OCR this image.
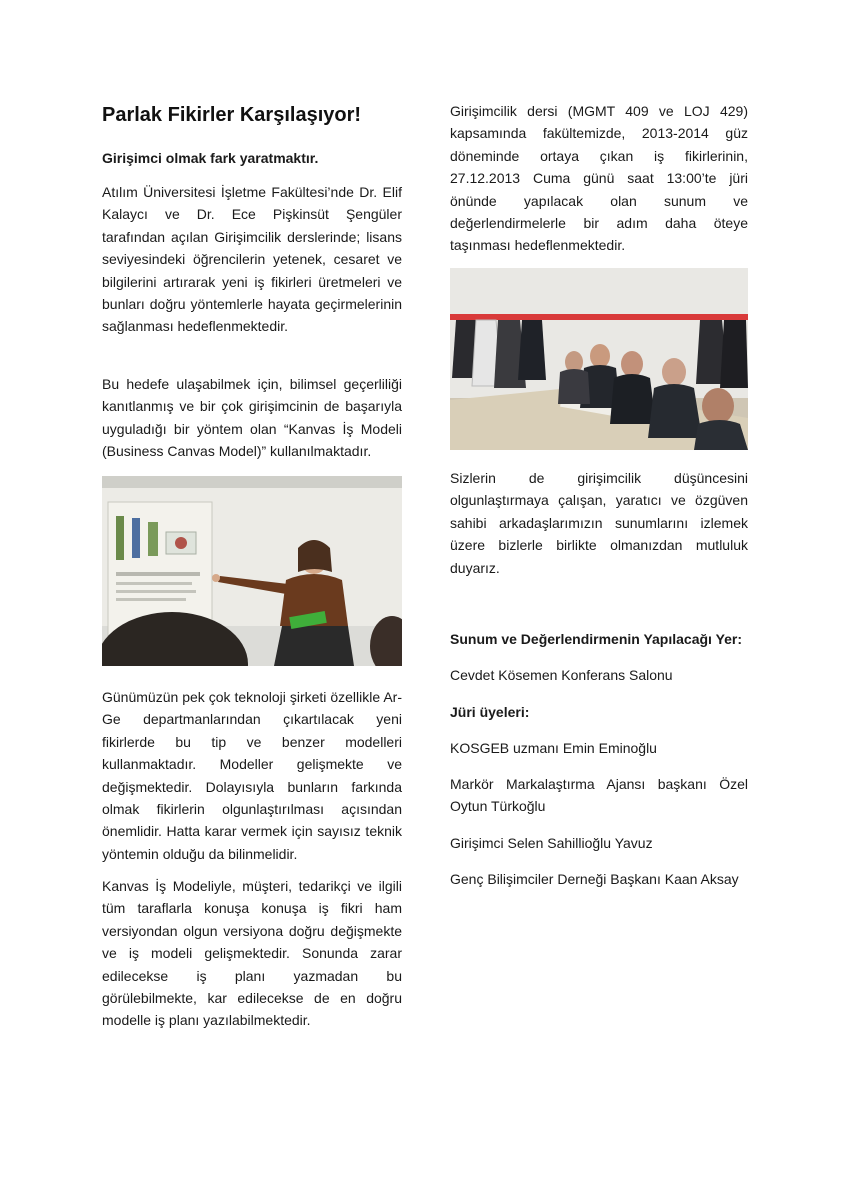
Parlak Fikirler Karşılaşıyor!

Girişimci olmak fark yaratmaktır.

Atılım Üniversitesi İşletme Fakültesi’nde Dr. Elif Kalaycı ve Dr. Ece Pişkinsüt Şengüler tarafından açılan Girişimcilik derslerinde; lisans seviyesindeki öğrencilerin yetenek, cesaret ve bilgilerini artırarak yeni iş fikirleri üretmeleri ve bunları doğru yöntemlerle hayata geçirmelerinin sağlanması hedeflenmektedir.

Bu hedefe ulaşabilmek için, bilimsel geçerliliği kanıtlanmış ve bir çok girişimcinin de başarıyla uyguladığı bir yöntem olan “Kanvas İş Modeli (Business Canvas Model)” kullanılmaktadır.

Günümüzün pek çok teknoloji şirketi özellikle Ar-Ge departmanlarından çıkartılacak yeni fikirlerde bu tip ve benzer modelleri kullanmaktadır. Modeller gelişmekte ve değişmektedir. Dolayısıyla bunların farkında olmak fikirlerin olgunlaştırılması açısından önemlidir. Hatta karar vermek için sayısız teknik yöntemin olduğu da bilinmelidir.

Kanvas İş Modeliyle, müşteri, tedarikçi ve ilgili tüm taraflarla konuşa konuşa iş fikri ham versiyondan olgun versiyona doğru değişmekte ve iş modeli gelişmektedir. Sonunda zarar edilecekse iş planı yazmadan bu görülebilmekte, kar edilecekse de en doğru modelle iş planı yazılabilmektedir.

Girişimcilik dersi (MGMT 409 ve LOJ 429) kapsamında fakültemizde, 2013-2014 güz döneminde ortaya çıkan iş fikirlerinin, 27.12.2013 Cuma günü saat 13:00’te jüri önünde yapılacak olan sunum ve değerlendirmelerle bir adım daha öteye taşınması hedeflenmektedir.

Sizlerin de girişimcilik düşüncesini olgunlaştırmaya çalışan, yaratıcı ve özgüven sahibi arkadaşlarımızın sunumlarını izlemek üzere bizlerle birlikte olmanızdan mutluluk duyarız.

Sunum ve Değerlendirmenin Yapılacağı Yer:

Cevdet Kösemen Konferans Salonu

Jüri üyeleri:

KOSGEB uzmanı Emin Eminoğlu

Markör Markalaştırma Ajansı başkanı Özel Oytun Türkoğlu

Girişimci Selen Sahillioğlu Yavuz

Genç Bilişimciler Derneği Başkanı Kaan Aksay
